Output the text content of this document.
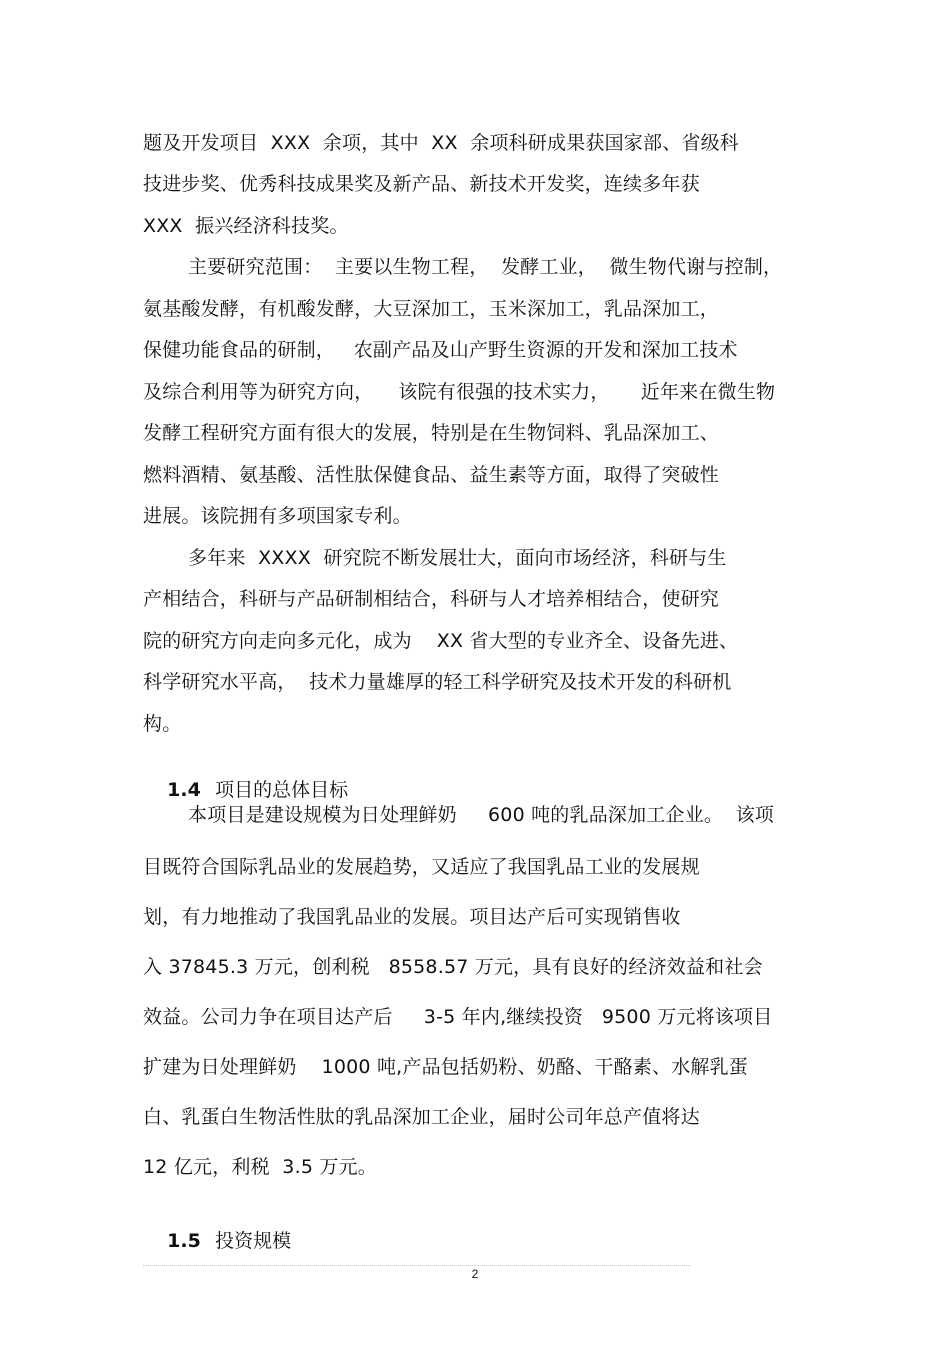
题及开发项目  XXX  余项，其中  XX  余项科研成果获国家部、省级科
技进步奖、优秀科技成果奖及新产品、新技术开发奖，连续多年获
XXX  振兴经济科技奖。
主要研究范围：  主要以生物工程，  发酵工业，  微生物代谢与控制，
氨基酸发酵，有机酸发酵，大豆深加工，玉米深加工，乳品深加工，
保健功能食品的研制，   农副产品及山产野生资源的开发和深加工技术
及综合利用等为研究方向，    该院有很强的技术实力，     近年来在微生物
发酵工程研究方面有很大的发展，特别是在生物饲料、乳品深加工、
燃料酒精、氨基酸、活性肽保健食品、益生素等方面，取得了突破性
进展。该院拥有多项国家专利。
多年来  XXXX  研究院不断发展壮大，面向市场经济，科研与生
产相结合，科研与产品研制相结合，科研与人才培养相结合，使研究
院的研究方向走向多元化，成为    XX 省大型的专业齐全、设备先进、
科学研究水平高，  技术力量雄厚的轻工科学研究及技术开发的科研机
构。

1.4 项目的总体目标

本项目是建设规模为日处理鲜奶     600 吨的乳品深加工企业。  该项
目既符合国际乳品业的发展趋势，又适应了我国乳品工业的发展规
划，有力地推动了我国乳品业的发展。项目达产后可实现销售收
入 37845.3 万元，创利税   8558.57 万元，具有良好的经济效益和社会
效益。公司力争在项目达产后     3-5 年内,继续投资   9500 万元将该项目
扩建为日处理鲜奶    1000 吨,产品包括奶粉、奶酪、干酪素、水解乳蛋
白、乳蛋白生物活性肽的乳品深加工企业，届时公司年总产值将达
12 亿元，利税  3.5 万元。

1.5 投资规模

2
